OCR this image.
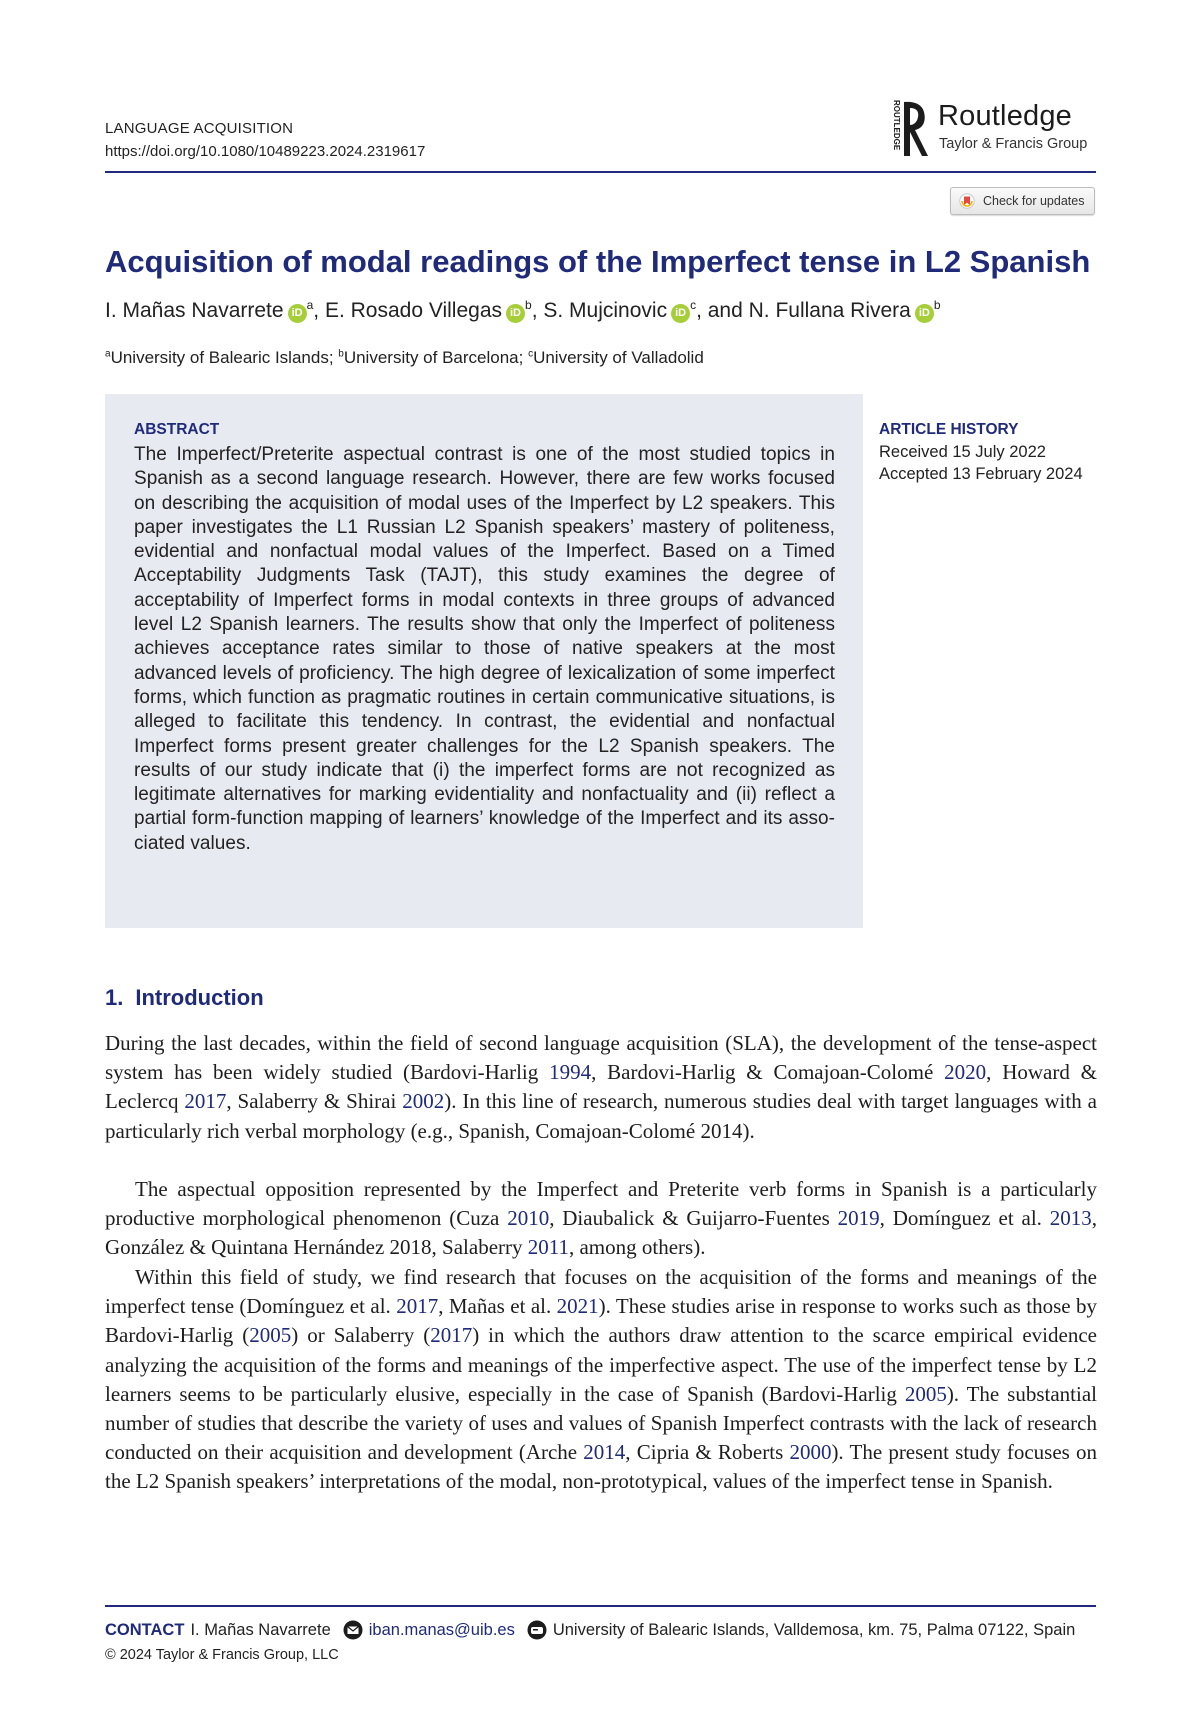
LANGUAGE ACQUISITION
https://doi.org/10.1080/10489223.2024.2319617
ROUTLEDGE Routledge
Taylor & Francis Group
Check for updates
Acquisition of modal readings of the Imperfect tense in L2 Spanish
I. Mañas Navarrete $iD^a$, E. Rosado Villegas $iD^b$, S. Mujcinovic $iD^c$, and N. Fullana Rivera $iD^b$
$^a$University of Balearic Islands; $^b$University of Barcelona; $^c$University of Valladolid
ABSTRACT
The Imperfect/Preterite aspectual contrast is one of the most studied topics in Spanish as a second language research. However, there are few works focused on describing the acquisition of modal uses of the Imperfect by L2 speakers. This paper investigates the L1 Russian L2 Spanish speakers’ mastery of politeness, evidential and nonfactual modal values of the Imperfect. Based on a Timed Acceptability Judgments Task (TAJT), this study examines the degree of acceptability of Imperfect forms in modal contexts in three groups of advanced level L2 Spanish learners. The results show that only the Imperfect of politeness achieves acceptance rates similar to those of native speakers at the most advanced levels of proficiency. The high degree of lexicalization of some imperfect forms, which function as pragmatic routines in certain communicative situations, is alleged to facilitate this tendency. In contrast, the evidential and nonfactual Imperfect forms present greater challenges for the L2 Spanish speakers. The results of our study indicate that (i) the imperfect forms are not recognized as legitimate alternatives for marking evidentiality and nonfactuality and (ii) reflect a partial form-function mapping of learners’ knowledge of the Imperfect and its associated values.
ARTICLE HISTORY
Received 15 July 2022
Accepted 13 February 2024
1. Introduction
During the last decades, within the field of second language acquisition (SLA), the development of the tense-aspect system has been widely studied (Bardovi-Harlig 1994, Bardovi-Harlig & Comajoan-Colomé 2020, Howard & Leclercq 2017, Salaberry & Shirai 2002). In this line of research, numerous studies deal with target languages with a particularly rich verbal morphology (e.g., Spanish, Comajoan-Colomé 2014).
The aspectual opposition represented by the Imperfect and Preterite verb forms in Spanish is a particularly productive morphological phenomenon (Cuza 2010, Diaubalick & Guijarro-Fuentes 2019, Domínguez et al. 2013, González & Quintana Hernández 2018, Salaberry 2011, among others).
Within this field of study, we find research that focuses on the acquisition of the forms and meanings of the imperfect tense (Domínguez et al. 2017, Mañas et al. 2021). These studies arise in response to works such as those by Bardovi-Harlig (2005) or Salaberry (2017) in which the authors draw attention to the scarce empirical evidence analyzing the acquisition of the forms and meanings of the imperfective aspect. The use of the imperfect tense by L2 learners seems to be particularly elusive, especially in the case of Spanish (Bardovi-Harlig 2005). The substantial number of studies that describe the variety of uses and values of Spanish Imperfect contrasts with the lack of research conducted on their acquisition and development (Arche 2014, Cipria & Roberts 2000). The present study focuses on the L2 Spanish speakers’ interpretations of the modal, non-prototypical, values of the imperfect tense in Spanish.
CONTACT I. Mañas Navarrete iban.manas@uib.es University of Balearic Islands, Valldemosa, km. 75, Palma 07122, Spain
© 2024 Taylor & Francis Group, LLC
